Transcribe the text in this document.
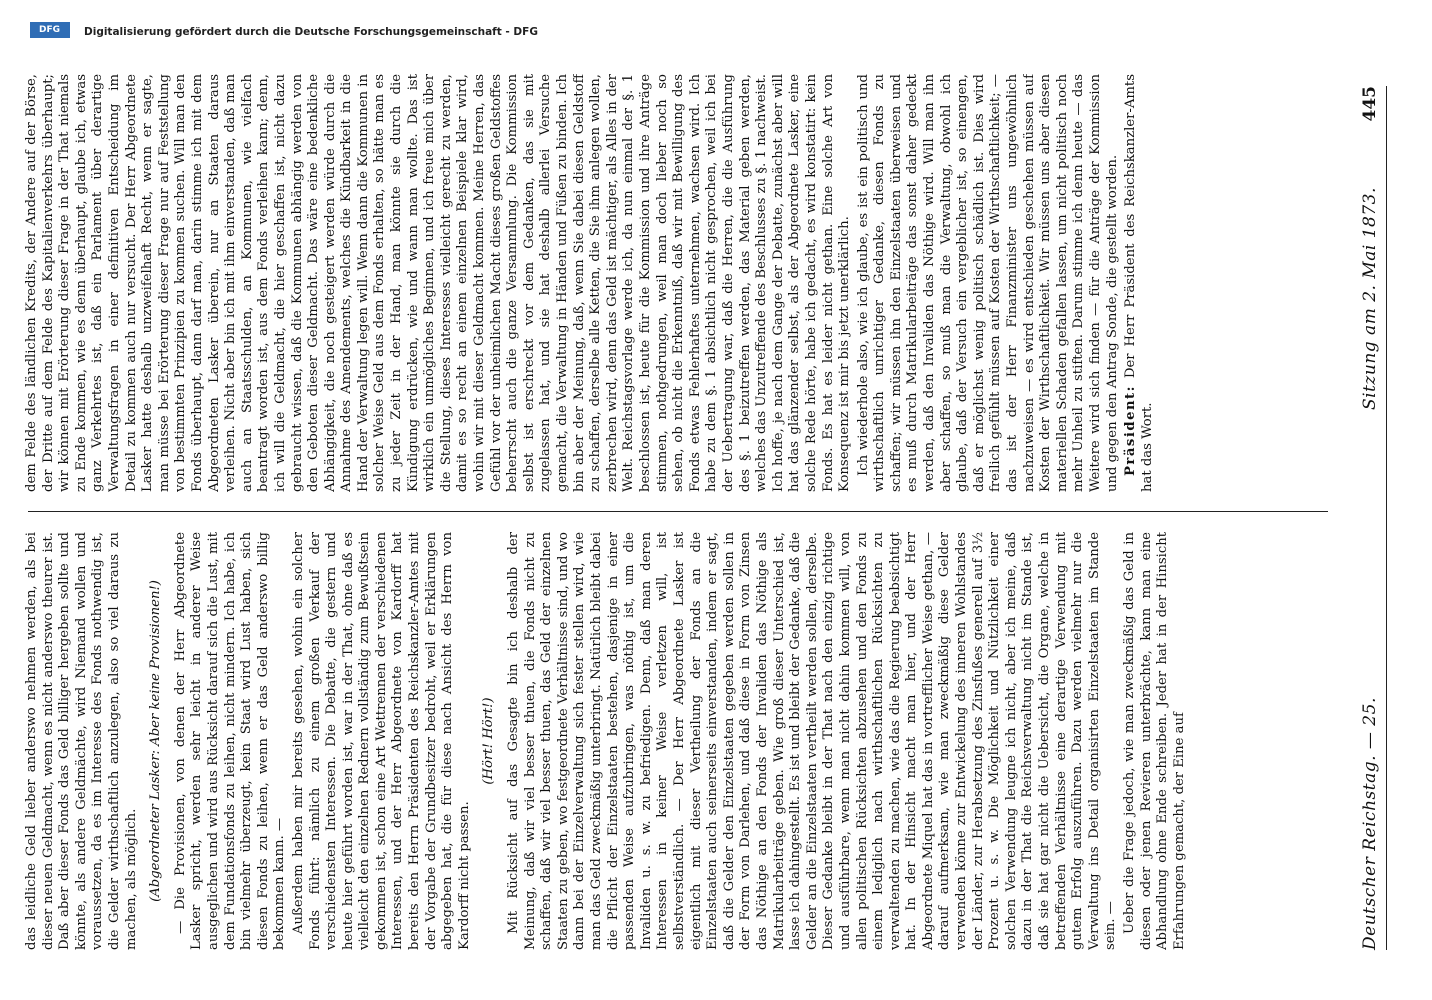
Deutscher Reichstag. — 25.
Sitzung am 2. Mai 1873.
445

das leidliche Geld lieber anderswo nehmen werden, als bei dieser neuen Geldmacht, wenn es nicht anderswo theurer ist. Daß aber dieser Fonds das Geld billiger hergeben sollte und könnte, als andere Geldmächte, wird Niemand wollen und voraussetzen, da es im Interesse des Fonds nothwendig ist, die Gelder wirthschaftlich anzulegen, also so viel daraus zu machen, als möglich. (Abgeordneter Lasker: Aber keine Provisionen!) — Die Provisionen, von denen der Herr Abgeordnete Lasker spricht, werden sehr leicht in anderer Weise ausgeglichen und wird aus Rücksicht darauf sich die Lust, mit dem Fundationsfonds zu leihen, nicht mindern. Ich habe, ich bin vielmehr überzeugt, kein Staat wird Lust haben, sich diesen Fonds zu leihen, wenn er das Geld anderswo billig bekommen kann. — Außerdem haben mir bereits gesehen, wohin ein solcher Fonds führt: nämlich zu einem großen Verkauf der verschiedensten Interessen. Die Debatte, die gestern und heute hier geführt worden ist, war in der That, ohne daß es vielleicht den einzelnen Rednern vollständig zum Bewußtsein gekommen ist, schon eine Art Wettrennen der verschiedenen Interessen, und der Herr Abgeordnete von Kardorff hat bereits den Herrn Präsidenten des Reichskanzler-Amtes mit der Vorgabe der Grundbesitzer bedroht, weil er Erklärungen abgegeben hat, die für diese nach Ansicht des Herrn von Kardorff nicht passen.

(Hört! Hört!) Mit Rücksicht auf das Gesagte bin ich deshalb der Meinung, daß wir viel besser thuen, die Fonds nicht zu schaffen, daß wir viel besser thuen, das Geld der einzelnen Staaten zu geben, wo festgeordnete Verhältnisse sind, und wo dann bei der Einzelverwaltung sich fester stellen wird, wie man das Geld zweckmäßig unterbringt. Natürlich bleibt dabei die Pflicht der Einzelstaaten bestehen, dasjenige in einer passenden Weise aufzubringen, was nöthig ist, um die Invaliden u. s. w. zu befriedigen. Denn, daß man deren Interessen in keiner Weise verletzen will, ist selbstverständlich. — Der Herr Abgeordnete Lasker ist eigentlich mit dieser Vertheilung der Fonds an die Einzelstaaten auch seinerseits einverstanden, indem er sagt, daß die Gelder den Einzelstaaten gegeben werden sollen in der Form von Darlehen, und daß diese in Form von Zinsen das Nöthige an den Fonds der Invaliden das Nöthige als Matrikularbeiträge geben. Wie groß dieser Unterschied ist, lasse ich dahingestellt. Es ist und bleibt der Gedanke, daß die Gelder an die Einzelstaaten vertheilt werden sollen, derselbe. Dieser Gedanke bleibt in der That nach den einzig richtige und ausführbare, wenn man nicht dahin kommen will, von allen politischen Rücksichten abzusehen und den Fonds zu einem lediglich nach wirthschaftlichen Rücksichten zu verwaltenden zu machen, wie das die Regierung beabsichtigt hat. In der Hinsicht macht man hier, und der Herr Abgeordnete Miquel hat das in vortrefflicher Weise gethan, — darauf aufmerksam, wie man zweckmäßig diese Gelder verwenden könne zur Entwickelung des inneren Wohlstandes der Länder, zur Herabsetzung des Zinsfußes generell auf 3½ Prozent u. s. w. Die Möglichkeit und Nützlichkeit einer solchen Verwendung leugne ich nicht, aber ich meine, daß dazu in der That die Reichsverwaltung nicht im Stande ist, daß sie hat gar nicht die Uebersicht, die Organe, welche in betreffenden Verhältnisse eine derartige Verwendung mit gutem Erfolg auszuführen. Dazu werden vielmehr nur die Verwaltung ins Detail organisirten Einzelstaaten im Stande sein. — Ueber die Frage jedoch, wie man zweckmäßig das Geld in diesen oder jenen Revieren unterbrächte, kann man eine Abhandlung ohne Ende schreiben. Jeder hat in der Hinsicht Erfahrungen gemacht, der Eine auf

dem Felde des ländlichen Kredits, der Andere auf der Börse, der Dritte auf dem Felde des Kapitalienverkehrs überhaupt; wir können mit Erörterung dieser Frage in der That niemals zu Ende kommen, wie es denn überhaupt, glaube ich, etwas ganz Verkehrtes ist, daß ein Parlament über derartige Verwaltungsfragen in einer definitiven Entscheidung im Detail zu kommen auch nur versucht. Der Herr Abgeordnete Lasker hatte deshalb unzweifelhaft Recht, wenn er sagte, man müsse bei Erörterung dieser Frage nur auf Feststellung von bestimmten Prinzipien zu kommen suchen. Will man den Fonds überhaupt, dann darf man, darin stimme ich mit dem Abgeordneten Lasker überein, nur an Staaten daraus verleihen. Nicht aber bin ich mit ihm einverstanden, daß man auch an Staatsschulden, an Kommunen, wie vielfach beantragt worden ist, aus dem Fonds verleihen kann; denn, ich will die Geldmacht, die hier geschaffen ist, nicht dazu gebraucht wissen, daß die Kommunen abhängig werden von den Geboten dieser Geldmacht. Das wäre eine bedenkliche Abhängigkeit, die noch gesteigert werden würde durch die Annahme des Amendements, welches die Kündbarkeit in die Hand der Verwaltung legen will. Wenn dann die Kommunen in solcher Weise Geld aus dem Fonds erhalten, so hätte man es zu jeder Zeit in der Hand, man könnte sie durch die Kündigung erdrücken, wie und wann man wollte. Das ist wirklich ein unmögliches Beginnen, und ich freue mich über die Stellung, dieses Interesses vielleicht gerecht zu werden, damit es so recht an einem einzelnen Beispiele klar wird, wohin wir mit dieser Geldmacht kommen. Meine Herren, das Gefühl vor der unheimlichen Macht dieses großen Geldstoffes beherrscht auch die ganze Versammlung. Die Kommission selbst ist erschreckt vor dem Gedanken, das sie mit zugelassen hat, und sie hat deshalb allerlei Versuche gemacht, die Verwaltung in Händen und Füßen zu binden. Ich bin aber der Meinung, daß, wenn Sie dabei diesen Geldstoff zu schaffen, derselbe alle Ketten, die Sie ihm anlegen wollen, zerbrechen wird, denn das Geld ist mächtiger, als Alles in der Welt. Reichstagsvorlage werde ich, da nun einmal der §. 1 beschlossen ist, heute für die Kommission und ihre Anträge stimmen, nothgedrungen, weil man doch lieber noch so sehen, ob nicht die Erkenntniß, daß wir mit Bewilligung des Fonds etwas Fehlerhaftes unternehmen, wachsen wird. Ich habe zu dem §. 1 absichtlich nicht gesprochen, weil ich bei der Uebertragung war, daß die Herren, die die Ausführung des §. 1 beizutreffen werden, das Material geben werden, welches das Unzutreffende des Beschlusses zu §. 1 nachweist. Ich hoffe, je nach dem Gange der Debatte, zunächst aber will hat das glänzender selbst, als der Abgeordnete Lasker, eine solche Rede hörte, habe ich gedacht, es wird konstatirt: kein Fonds. Es hat es leider nicht gethan. Eine solche Art von Konsequenz ist mir bis jetzt unerklärlich. Ich wiederhole also, wie ich glaube, es ist ein politisch und wirthschaftlich unrichtiger Gedanke, diesen Fonds zu schaffen; wir müssen ihn den Einzelstaaten überweisen und es muß durch Matrikularbeiträge das sonst daher gedeckt werden, daß den Invaliden das Nöthige wird. Will man ihn aber schaffen, so muß man die Verwaltung, obwohl ich glaube, daß der Versuch ein vergeblicher ist, so einengen, daß er möglichst wenig politisch schädlich ist. Dies wird freilich gefühlt müssen auf Kosten der Wirthschaftlichkeit; — das ist der Herr Finanzminister uns ungewöhnlich nachzuweisen — es wird entschieden geschehen müssen auf Kosten der Wirthschaftlichkeit. Wir müssen uns aber diesen materiellen Schaden gefallen lassen, um nicht politisch noch mehr Unheil zu stiften. Darum stimme ich denn heute — das Weitere wird sich finden — für die Anträge der Kommission und gegen den Antrag Sonde, die gestellt worden. Präsident: Der Herr Präsident des Reichskanzler-Amts hat das Wort.

DFG	Digitalisierung gefördert durch die Deutsche Forschungsgemeinschaft - DFG
